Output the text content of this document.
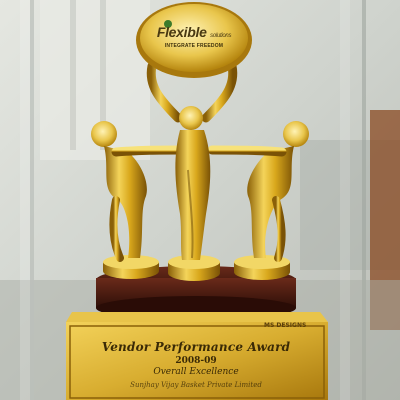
Flexible solutions
INTEGRATE FREEDOM
MS DESIGNS
Vendor Performance Award
2008-09
Overall Excellence
Sunjhay Vijay Basket Private Limited
